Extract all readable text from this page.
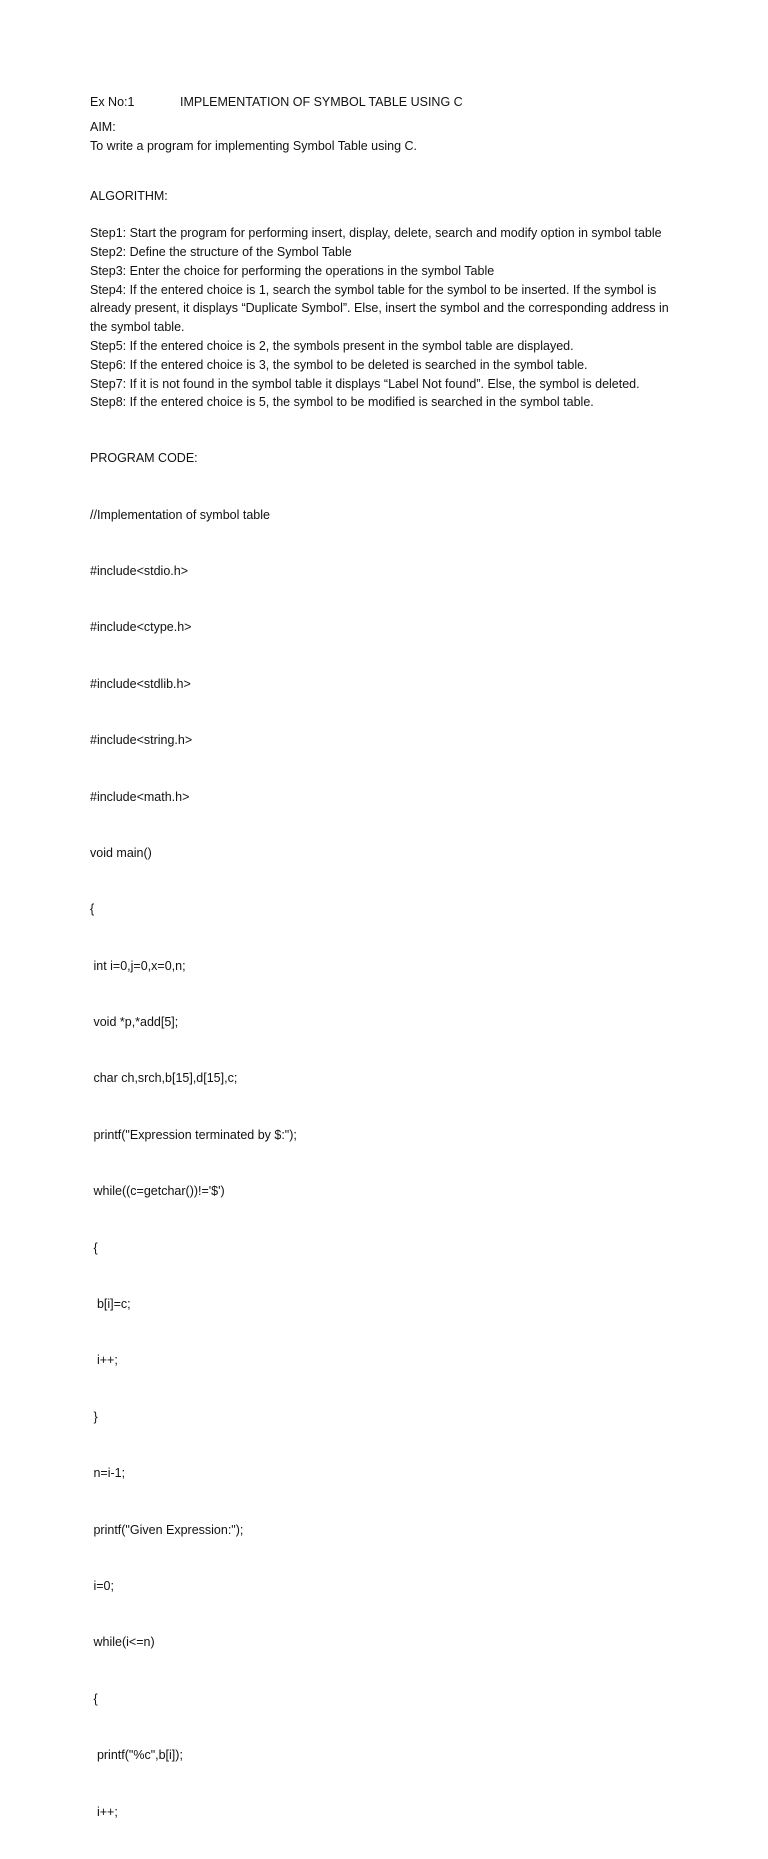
Ex No:1	IMPLEMENTATION OF SYMBOL TABLE USING C
AIM:
To write a program for implementing Symbol Table using C.
ALGORITHM:
Step1: Start the program for performing insert, display, delete, search and modify option in symbol table
Step2: Define the structure of the Symbol Table
Step3: Enter the choice for performing the operations in the symbol Table
Step4: If the entered choice is 1, search the symbol table for the symbol to be inserted. If the symbol is already present, it displays “Duplicate Symbol”. Else, insert the symbol and the corresponding address in the symbol table.
Step5: If the entered choice is 2, the symbols present in the symbol table are displayed.
Step6: If the entered choice is 3, the symbol to be deleted is searched in the symbol table.
Step7: If it is not found in the symbol table it displays “Label Not found”. Else, the symbol is deleted.
Step8: If the entered choice is 5, the symbol to be modified is searched in the symbol table.
PROGRAM CODE:

//Implementation of symbol table

#include<stdio.h>

#include<ctype.h>

#include<stdlib.h>

#include<string.h>

#include<math.h>

void main()

{

int i=0,j=0,x=0,n;

void *p,*add[5];

char ch,srch,b[15],d[15],c;

printf("Expression terminated by $:");

while((c=getchar())!='$')

{

b[i]=c;

i++;

}

n=i-1;

printf("Given Expression:");

i=0;

while(i<=n)

{

printf("%c",b[i]);

i++;
